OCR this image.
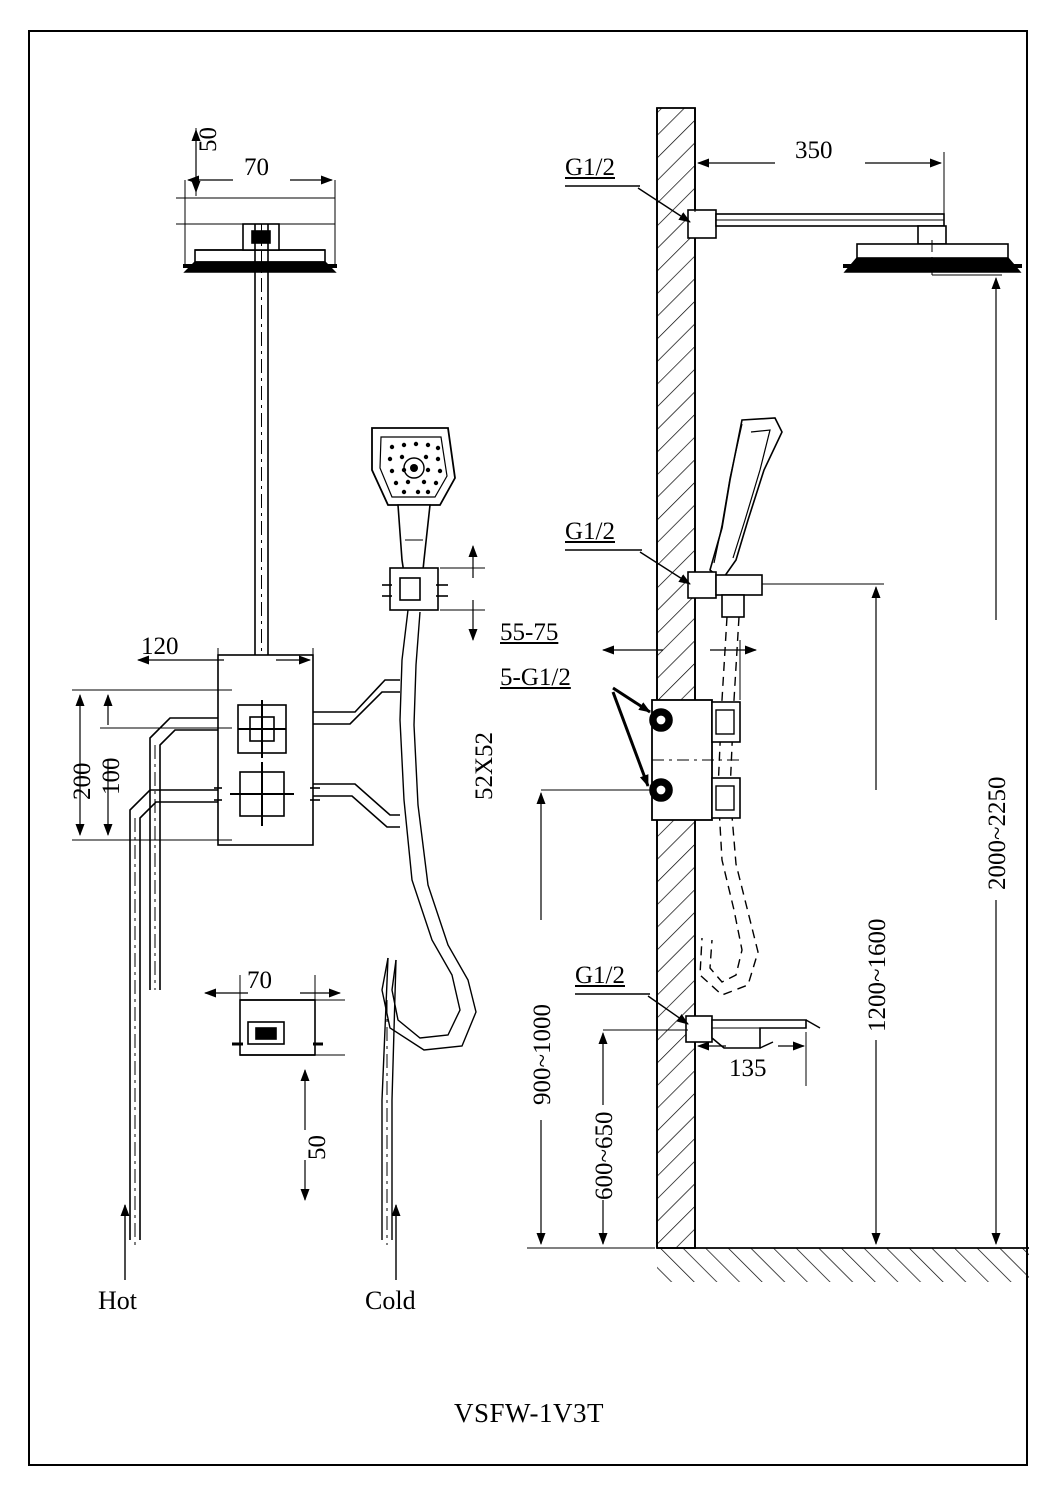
50
70	G1/2
350
G1/2
55-75
5-G1/2
120
200 100	52X52
70
50
G1/2
135
900~1000
600~650
1200~1600
2000~2250
Hot	Cold
VSFW-1V3T
